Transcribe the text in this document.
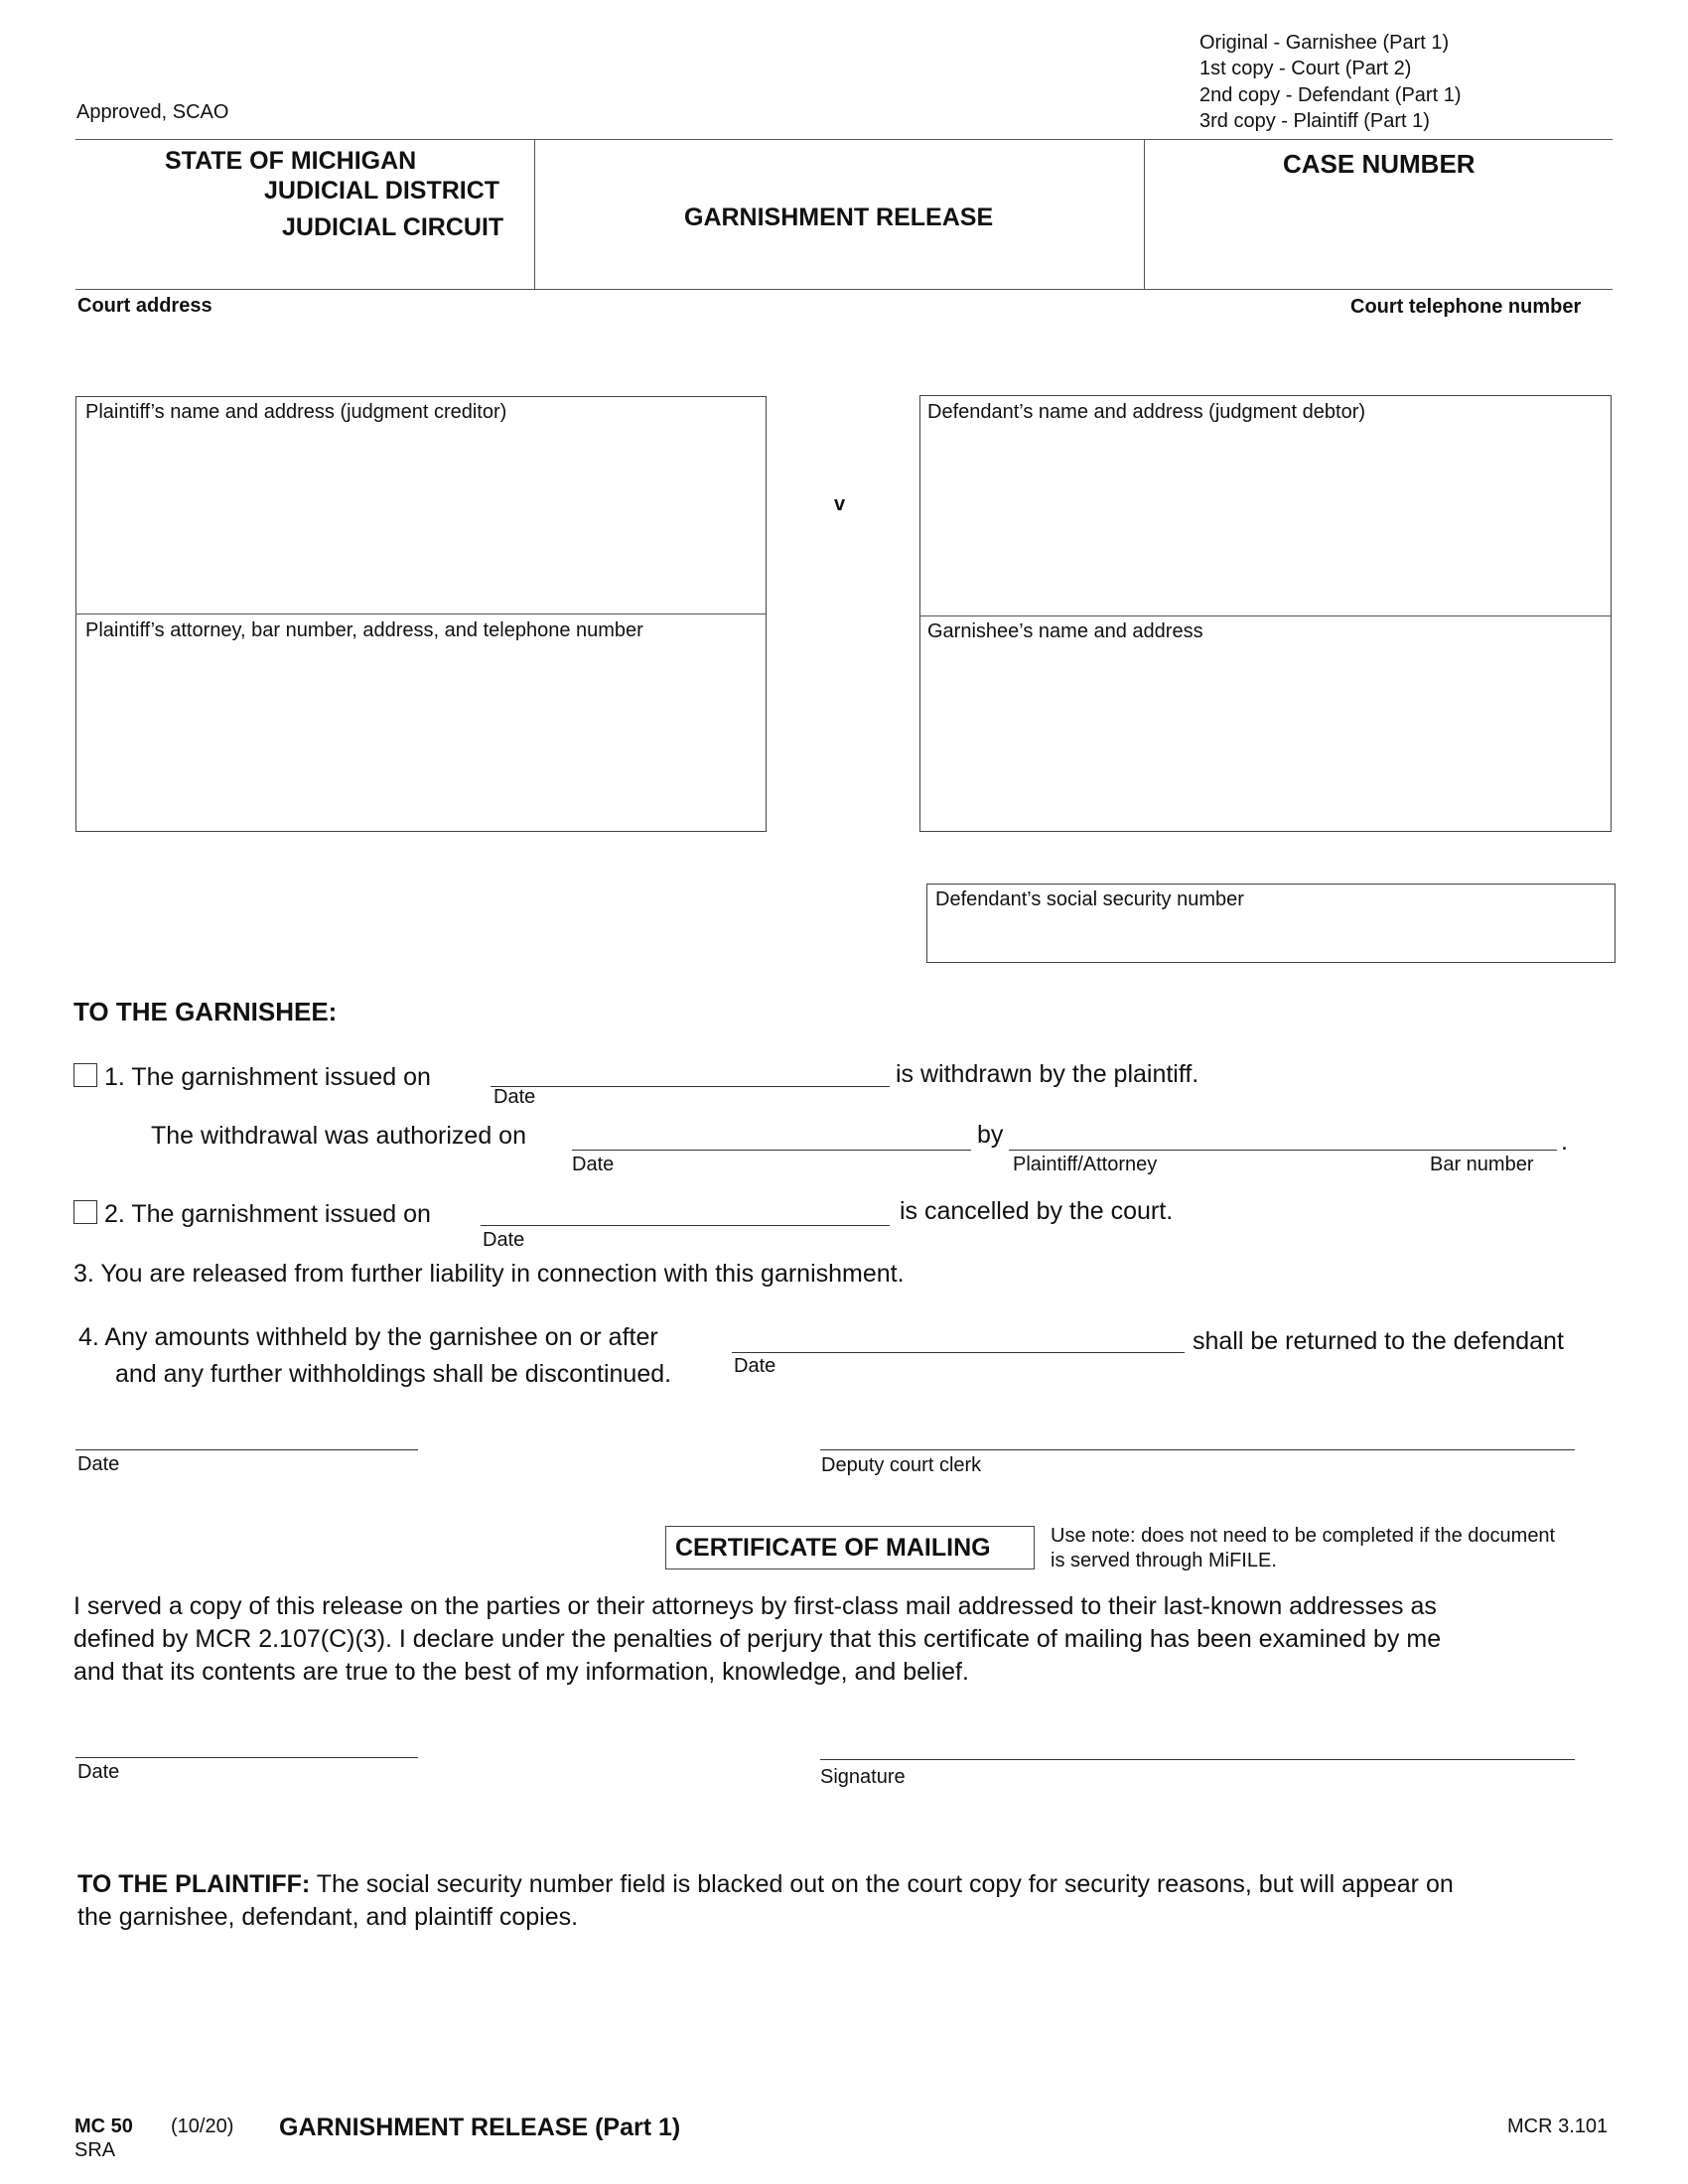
Original - Garnishee (Part 1)
1st copy - Court (Part 2)
2nd copy - Defendant (Part 1)
3rd copy - Plaintiff (Part 1)
Approved, SCAO
STATE OF MICHIGAN
JUDICIAL DISTRICT
JUDICIAL CIRCUIT	GARNISHMENT RELEASE
CASE NUMBER
Court address	Court telephone number
Plaintiff’s name and address (judgment creditor)
Plaintiff’s attorney, bar number, address, and telephone number
v
Defendant’s name and address (judgment debtor)
Garnishee’s name and address
Defendant’s social security number
TO THE GARNISHEE:
1. The garnishment issued on
Date
is withdrawn by the plaintiff.
The withdrawal was authorized on
Date
by
Plaintiff/Attorney	Bar number
.
2. The garnishment issued on
Date
is cancelled by the court.
3. You are released from further liability in connection with this garnishment.
4. Any amounts withheld by the garnishee on or after	shall be returned to the defendant
and any further withholdings shall be discontinued.	Date
Date	Deputy court clerk
CERTIFICATE OF MAILING	Use note: does not need to be completed if the document
is served through MiFILE.
I served a copy of this release on the parties or their attorneys by first-class mail addressed to their last-known addresses as
defined by MCR 2.107(C)(3). I declare under the penalties of perjury that this certificate of mailing has been examined by me
and that its contents are true to the best of my information, knowledge, and belief.
Date	Signature
TO THE PLAINTIFF: The social security number field is blacked out on the court copy for security reasons, but will appear on
the garnishee, defendant, and plaintiff copies.
MC 50 (10/20)
SRA
GARNISHMENT RELEASE (Part 1)	MCR 3.101
